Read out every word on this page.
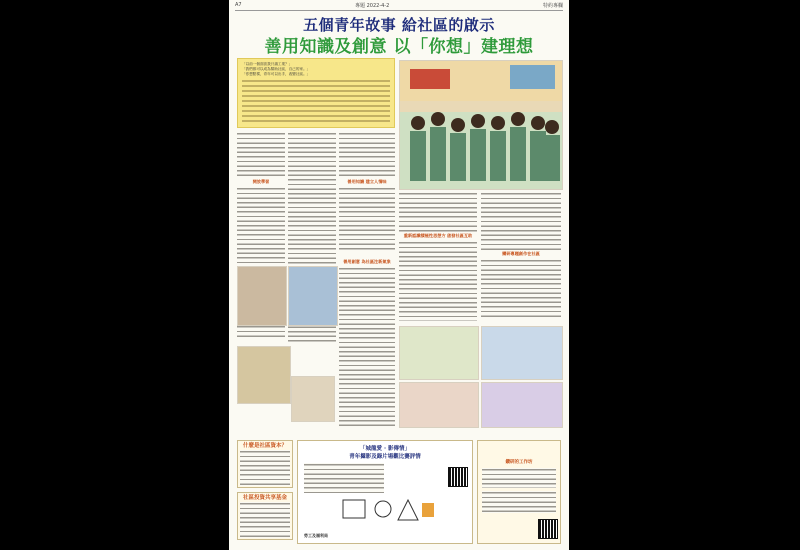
A7	專題 2022-4-2	特約專欄
五個青年故事 給社區的啟示
善用知識及創意 以「你想」建理想
「以前一個面喜我只識工業？」
「我們都可以成為幫助社區，自己的家。」
「你想點樣，青年可以出手，改變社區。」
開放學習	善用知識 建立人情味
善用創意 為社區注新氣象
重新認識積極性思想方 啟發社區互助
鑽研專題創作在社區
什麼是社區資本？
社區投資共享基金
「城龍愛 · 影傳情」
青年攝影及錄片場觀比賽評情
勞工及福利局
鑽研的工作坊
